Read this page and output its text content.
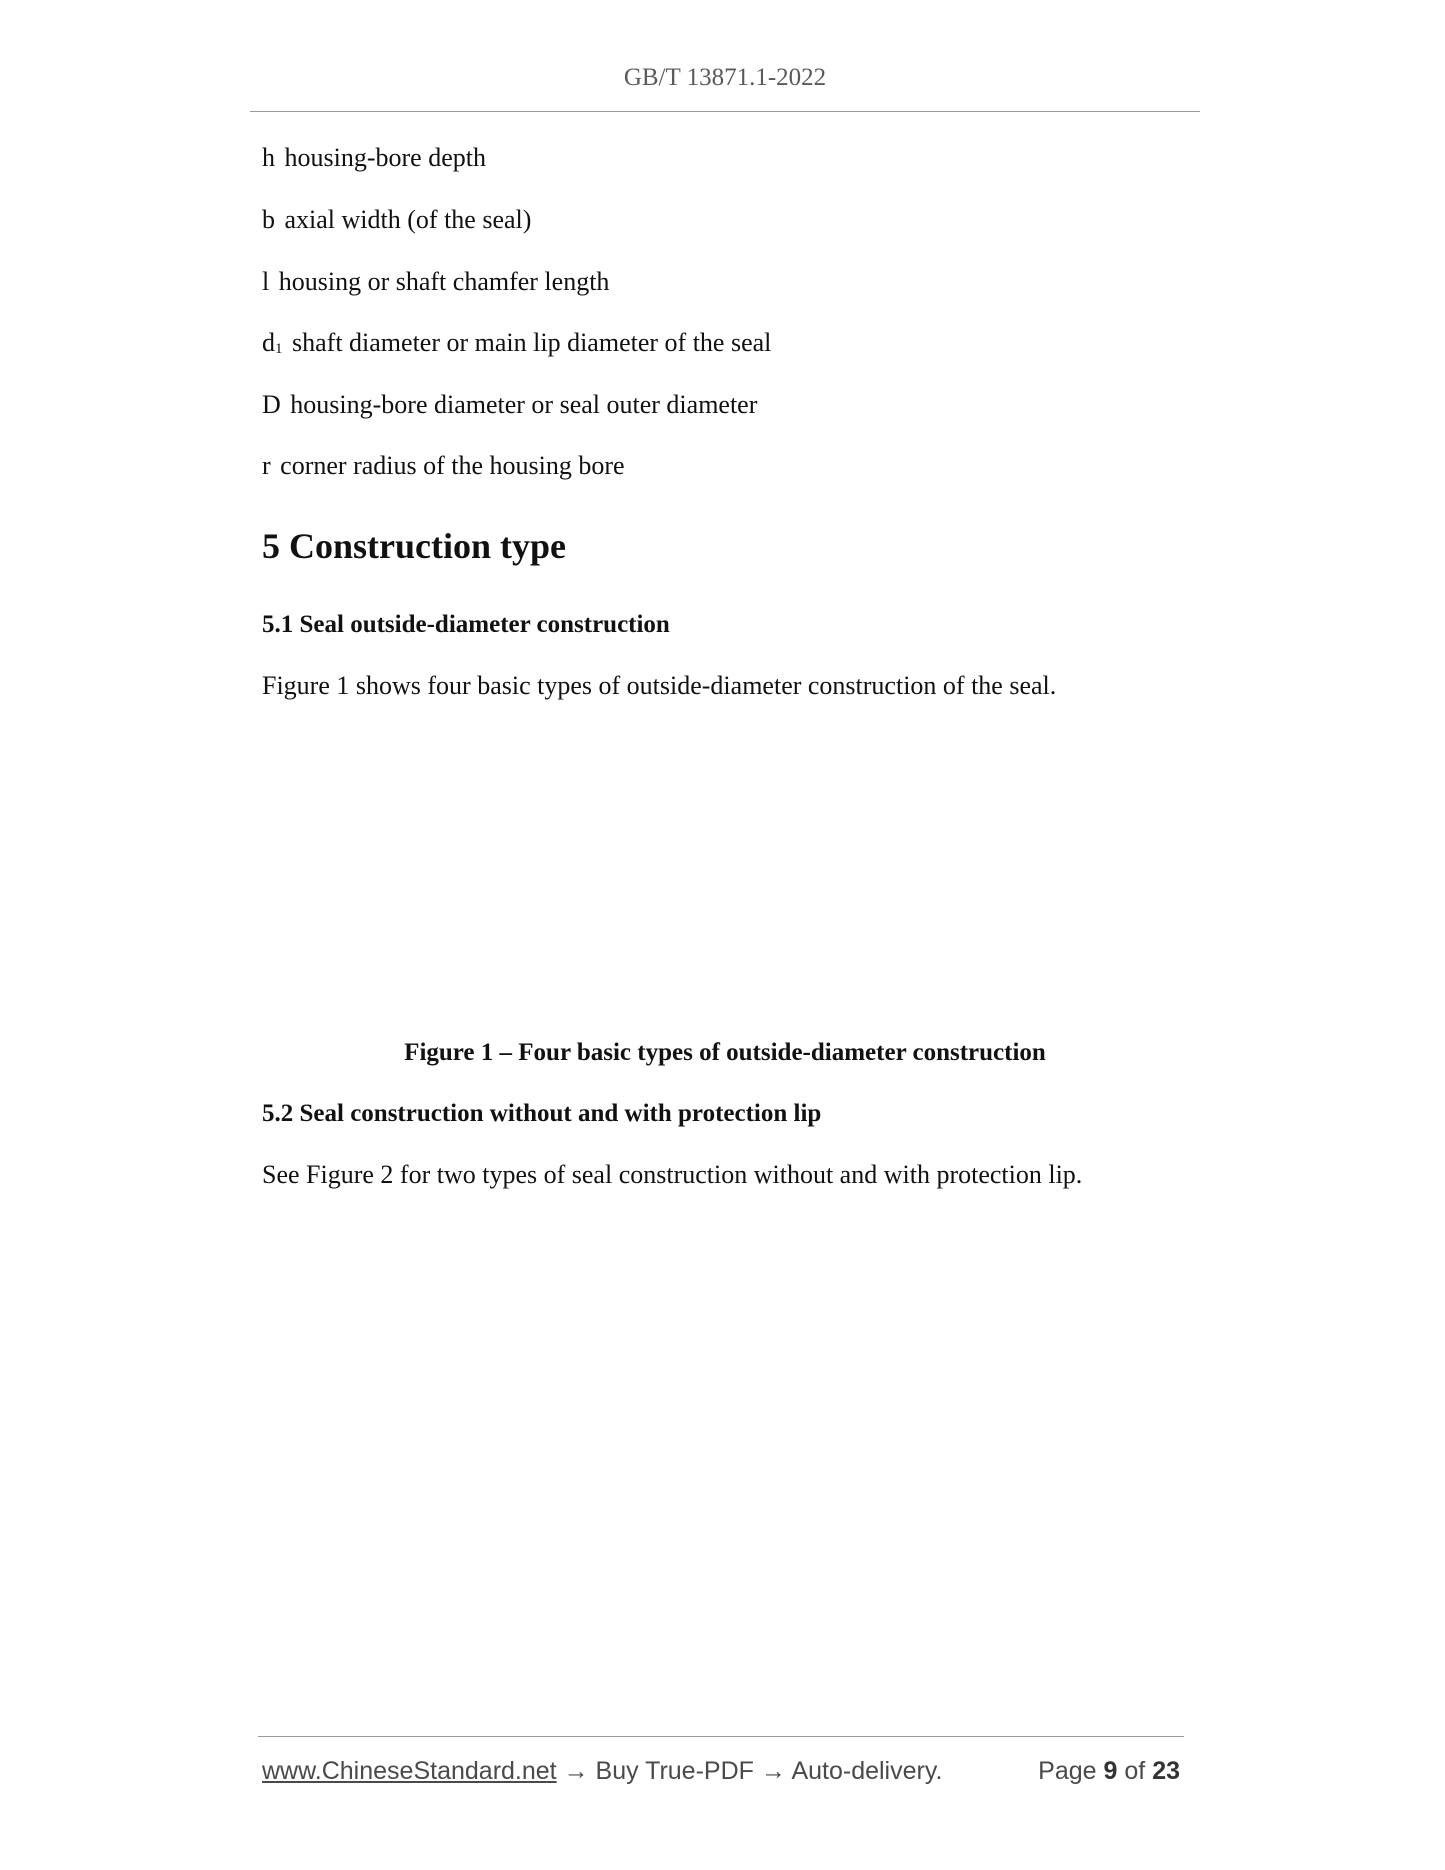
GB/T 13871.1-2022
h housing-bore depth
b axial width (of the seal)
l housing or shaft chamfer length
$d_1$ shaft diameter or main lip diameter of the seal
D housing-bore diameter or seal outer diameter
r corner radius of the housing bore
5 Construction type
5.1 Seal outside-diameter construction
Figure 1 shows four basic types of outside-diameter construction of the seal.
Figure 1 – Four basic types of outside-diameter construction
5.2 Seal construction without and with protection lip
See Figure 2 for two types of seal construction without and with protection lip.
www.ChineseStandard.net → Buy True-PDF → Auto-delivery.	Page 9 of 23
